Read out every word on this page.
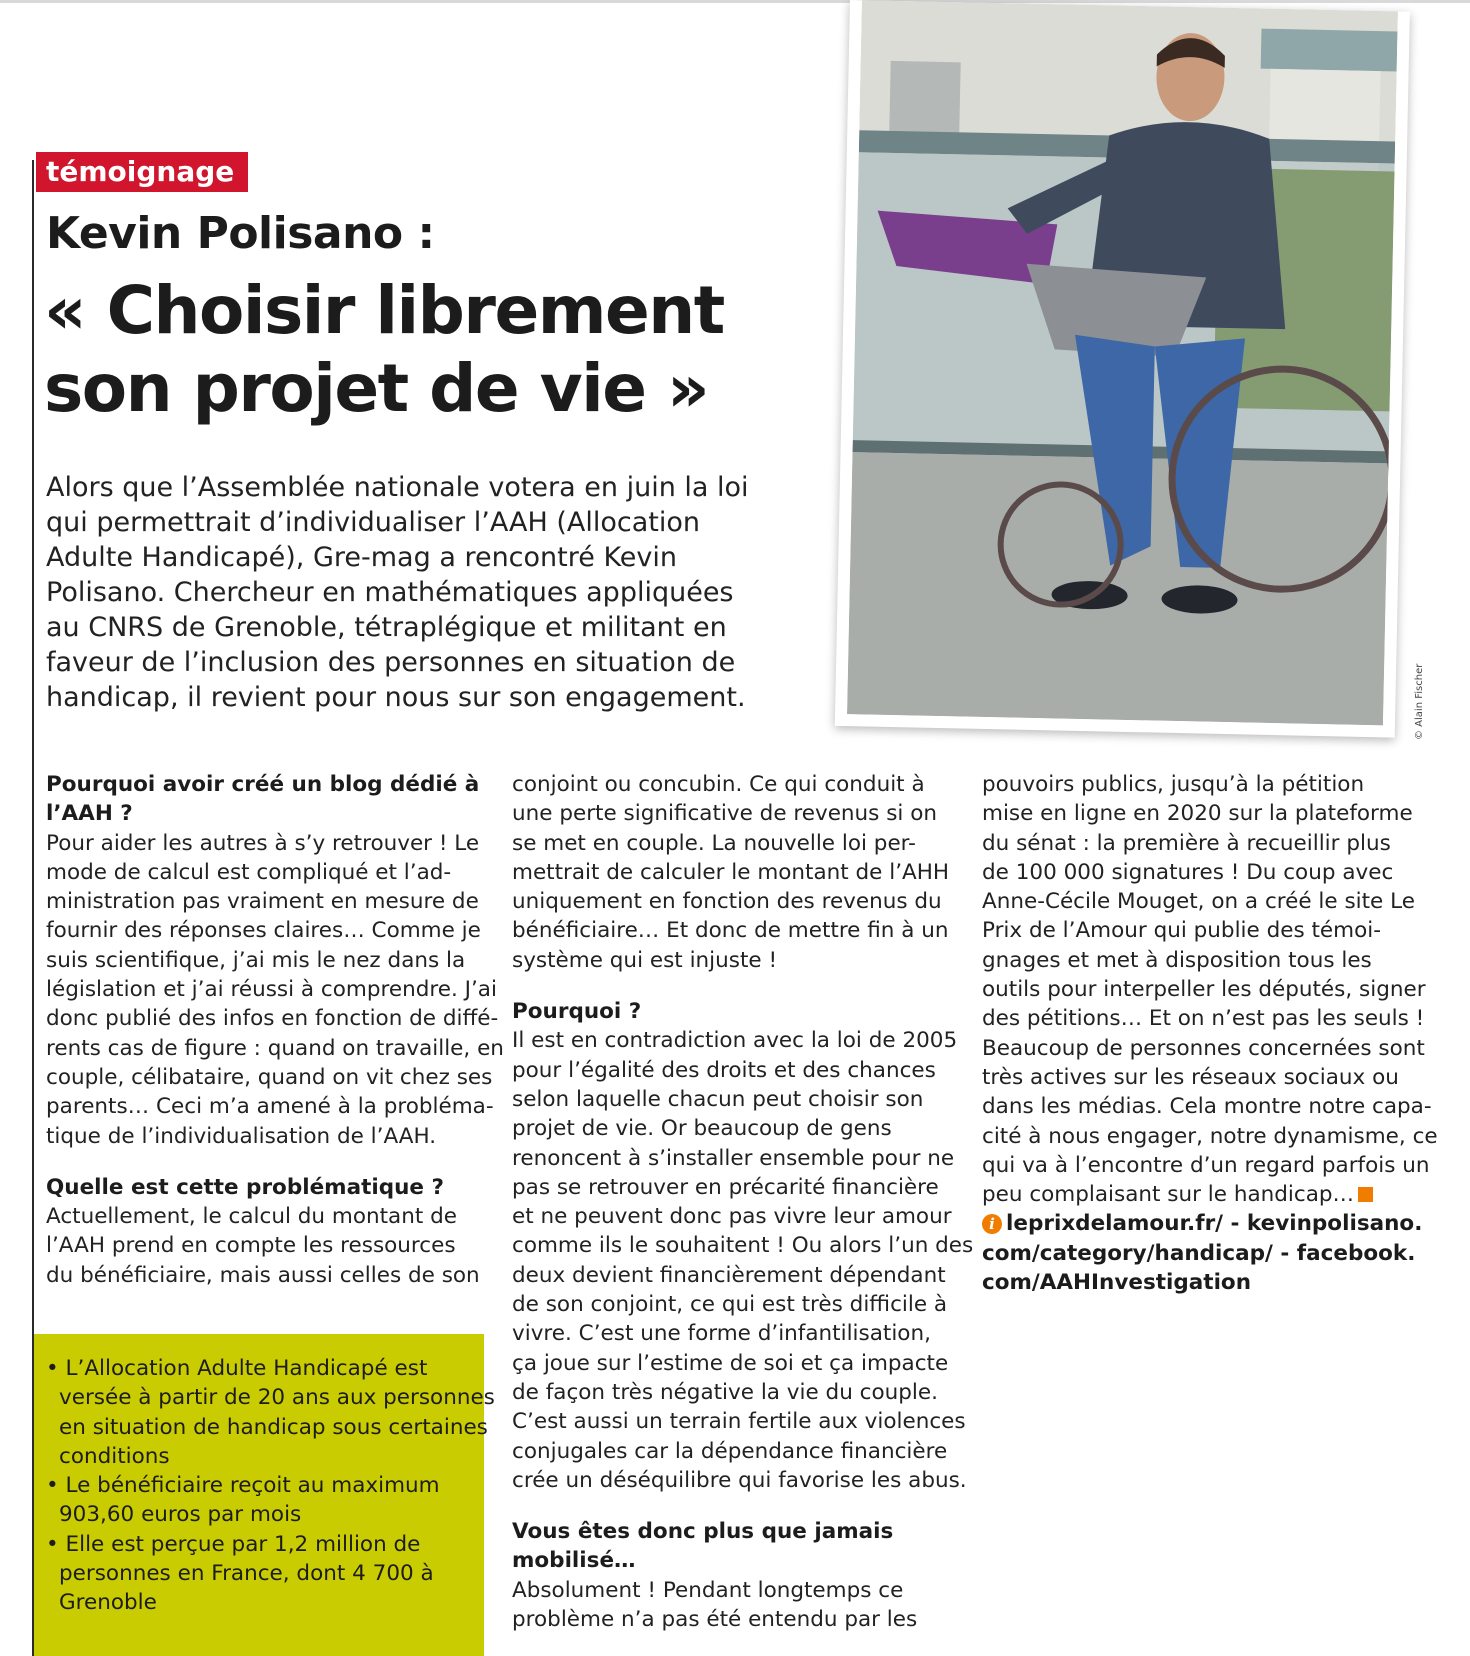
témoignage
Kevin Polisano :
« Choisir librement
son projet de vie »
Alors que l’Assemblée nationale votera en juin la loi
qui permettrait d’individualiser l’AAH (Allocation
Adulte Handicapé), Gre-mag a rencontré Kevin
Polisano. Chercheur en mathématiques appliquées
au CNRS de Grenoble, tétraplégique et militant en
faveur de l’inclusion des personnes en situation de
handicap, il revient pour nous sur son engagement.	© Alain Fischer
Pourquoi avoir créé un blog dédié à
l’AAH ?
Pour aider les autres à s’y retrouver ! Le
mode de calcul est compliqué et l’ad-
ministration pas vraiment en mesure de
fournir des réponses claires… Comme je
suis scientifique, j’ai mis le nez dans la
législation et j’ai réussi à comprendre. J’ai
donc publié des infos en fonction de diffé-
rents cas de figure : quand on travaille, en
couple, célibataire, quand on vit chez ses
parents… Ceci m’a amené à la probléma-
tique de l’individualisation de l’AAH.
Quelle est cette problématique ?
Actuellement, le calcul du montant de
l’AAH prend en compte les ressources
du bénéficiaire, mais aussi celles de son
• L’Allocation Adulte Handicapé est
versée à partir de 20 ans aux personnes
en situation de handicap sous certaines
conditions
• Le bénéficiaire reçoit au maximum
903,60 euros par mois
• Elle est perçue par 1,2 million de
personnes en France, dont 4 700 à
Grenoble
conjoint ou concubin. Ce qui conduit à
une perte significative de revenus si on
se met en couple. La nouvelle loi per-
mettrait de calculer le montant de l’AHH
uniquement en fonction des revenus du
bénéficiaire… Et donc de mettre fin à un
système qui est injuste !
Pourquoi ?
Il est en contradiction avec la loi de 2005
pour l’égalité des droits et des chances
selon laquelle chacun peut choisir son
projet de vie. Or beaucoup de gens
renoncent à s’installer ensemble pour ne
pas se retrouver en précarité financière
et ne peuvent donc pas vivre leur amour
comme ils le souhaitent ! Ou alors l’un des
deux devient financièrement dépendant
de son conjoint, ce qui est très difficile à
vivre. C’est une forme d’infantilisation,
ça joue sur l’estime de soi et ça impacte
de façon très négative la vie du couple.
C’est aussi un terrain fertile aux violences
conjugales car la dépendance financière
crée un déséquilibre qui favorise les abus.
Vous êtes donc plus que jamais
mobilisé…
Absolument ! Pendant longtemps ce
problème n’a pas été entendu par les
pouvoirs publics, jusqu’à la pétition
mise en ligne en 2020 sur la plateforme
du sénat : la première à recueillir plus
de 100 000 signatures ! Du coup avec
Anne-Cécile Mouget, on a créé le site Le
Prix de l’Amour qui publie des témoi-
gnages et met à disposition tous les
outils pour interpeller les députés, signer
des pétitions… Et on n’est pas les seuls !
Beaucoup de personnes concernées sont
très actives sur les réseaux sociaux ou
dans les médias. Cela montre notre capa-
cité à nous engager, notre dynamisme, ce
qui va à l’encontre d’un regard parfois un
peu complaisant sur le handicap…
i leprixdelamour.fr/ - kevinpolisano.
com/category/handicap/ - facebook.
com/AAHInvestigation
